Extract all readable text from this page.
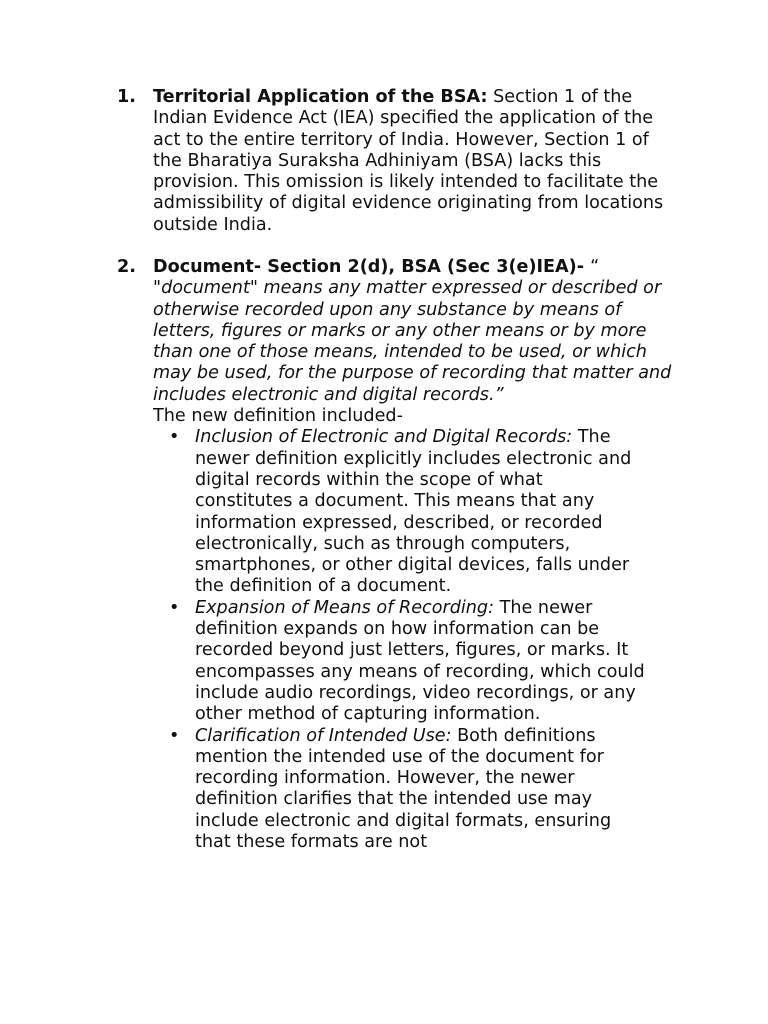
1. Territorial Application of the BSA: Section 1 of the Indian Evidence Act (IEA) specified the application of the act to the entire territory of India. However, Section 1 of the Bharatiya Suraksha Adhiniyam (BSA) lacks this provision. This omission is likely intended to facilitate the admissibility of digital evidence originating from locations outside India.

2. Document- Section 2(d), BSA (Sec 3(e)IEA)- “

"document" means any matter expressed or described or otherwise recorded upon any substance by means of letters, figures or marks or any other means or by more than one of those means, intended to be used, or which may be used, for the purpose of recording that matter and includes electronic and digital records.”

The new definition included-

• Inclusion of Electronic and Digital Records: The newer definition explicitly includes electronic and digital records within the scope of what constitutes a document. This means that any information expressed, described, or recorded electronically, such as through computers, smartphones, or other digital devices, falls under the definition of a document.
• Expansion of Means of Recording: The newer definition expands on how information can be recorded beyond just letters, figures, or marks. It encompasses any means of recording, which could include audio recordings, video recordings, or any other method of capturing information.
• Clarification of Intended Use: Both definitions mention the intended use of the document for recording information. However, the newer definition clarifies that the intended use may include electronic and digital formats, ensuring that these formats are not
